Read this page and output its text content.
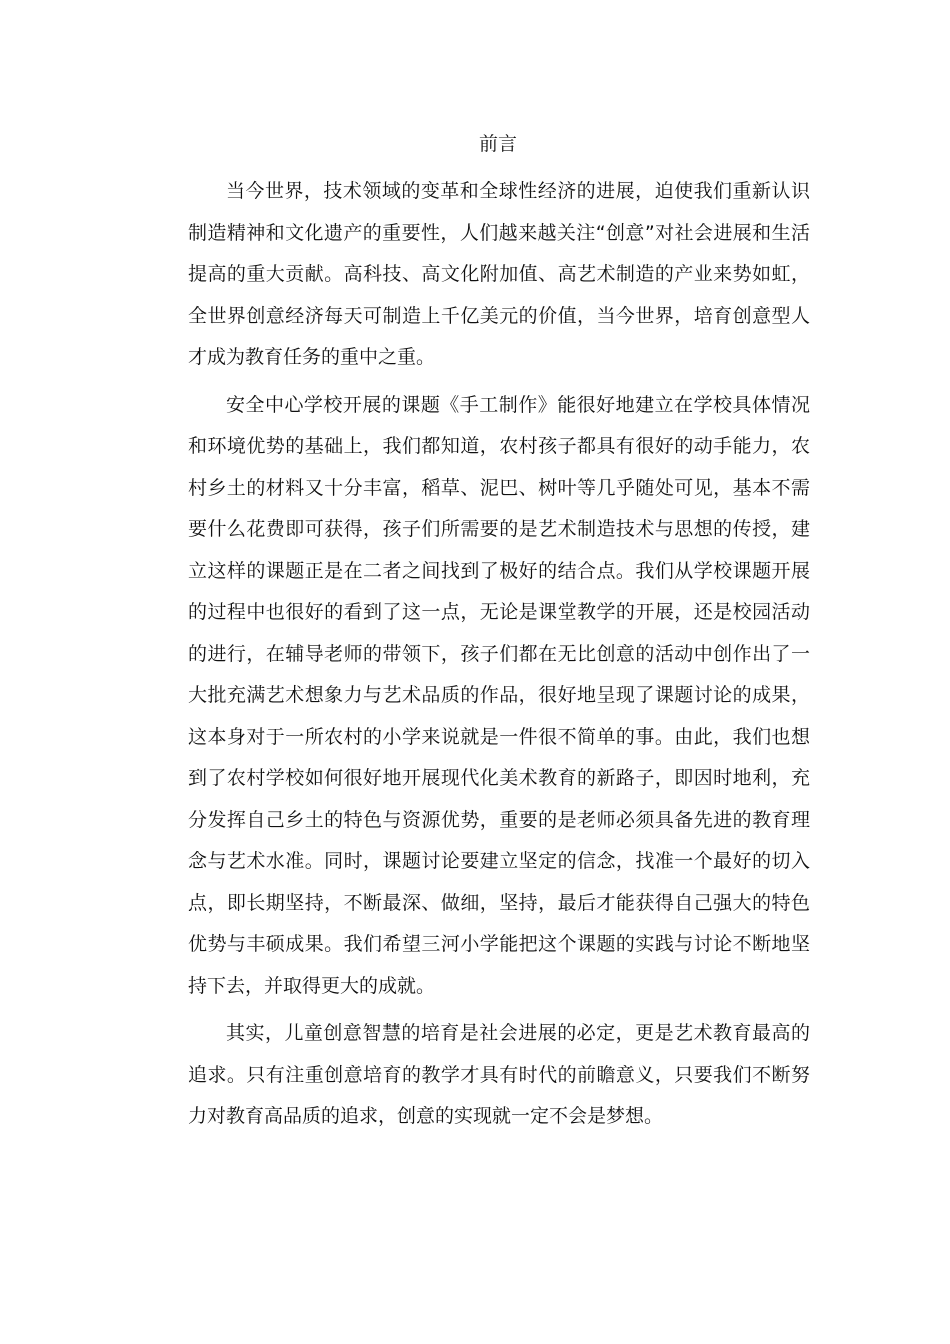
前言

当今世界，技术领域的变革和全球性经济的进展，迫使我们重新认识制造精神和文化遗产的重要性，人们越来越关注“创意”对社会进展和生活提高的重大贡献。高科技、高文化附加值、高艺术制造的产业来势如虹，全世界创意经济每天可制造上千亿美元的价值，当今世界，培育创意型人才成为教育任务的重中之重。

安全中心学校开展的课题《手工制作》能很好地建立在学校具体情况和环境优势的基础上，我们都知道，农村孩子都具有很好的动手能力，农村乡土的材料又十分丰富，稻草、泥巴、树叶等几乎随处可见，基本不需要什么花费即可获得，孩子们所需要的是艺术制造技术与思想的传授，建立这样的课题正是在二者之间找到了极好的结合点。我们从学校课题开展的过程中也很好的看到了这一点，无论是课堂教学的开展，还是校园活动的进行，在辅导老师的带领下，孩子们都在无比创意的活动中创作出了一大批充满艺术想象力与艺术品质的作品，很好地呈现了课题讨论的成果，这本身对于一所农村的小学来说就是一件很不简单的事。由此，我们也想到了农村学校如何很好地开展现代化美术教育的新路子，即因时地利，充分发挥自己乡土的特色与资源优势，重要的是老师必须具备先进的教育理念与艺术水准。同时，课题讨论要建立坚定的信念，找准一个最好的切入点，即长期坚持，不断最深、做细，坚持，最后才能获得自己强大的特色优势与丰硕成果。我们希望三河小学能把这个课题的实践与讨论不断地坚持下去，并取得更大的成就。

其实，儿童创意智慧的培育是社会进展的必定，更是艺术教育最高的追求。只有注重创意培育的教学才具有时代的前瞻意义，只要我们不断努力对教育高品质的追求，创意的实现就一定不会是梦想。
